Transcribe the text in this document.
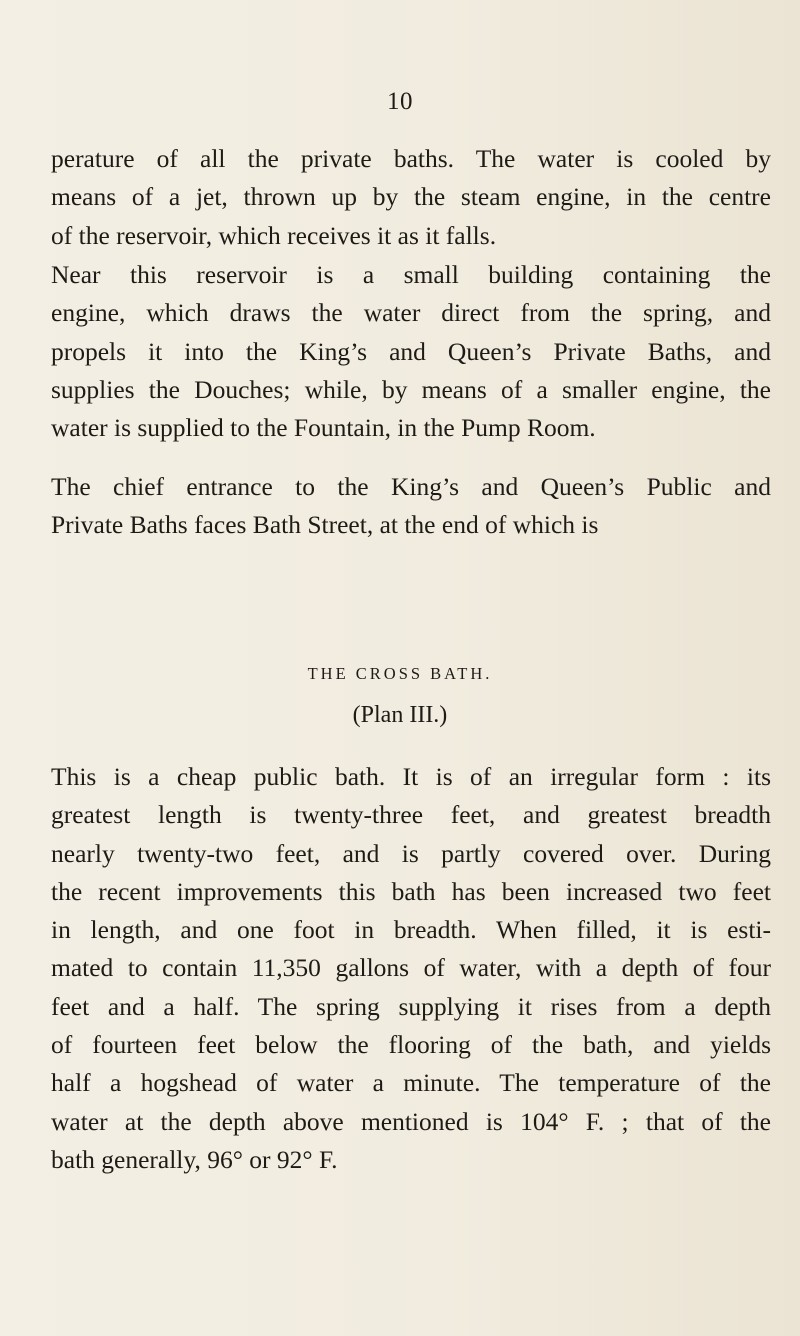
10
perature of all the private baths. The water is cooled by
means of a jet, thrown up by the steam engine, in the centre
of the reservoir, which receives it as it falls.
Near this reservoir is a small building containing the
engine, which draws the water direct from the spring, and
propels it into the King’s and Queen’s Private Baths, and
supplies the Douches; while, by means of a smaller engine, the
water is supplied to the Fountain, in the Pump Room.
The chief entrance to the King’s and Queen’s Public and
Private Baths faces Bath Street, at the end of which is
THE CROSS BATH.
(Plan III.)
This is a cheap public bath. It is of an irregular form : its
greatest length is twenty-three feet, and greatest breadth
nearly twenty-two feet, and is partly covered over. During
the recent improvements this bath has been increased two feet
in length, and one foot in breadth. When filled, it is esti-
mated to contain 11,350 gallons of water, with a depth of four
feet and a half. The spring supplying it rises from a depth
of fourteen feet below the flooring of the bath, and yields
half a hogshead of water a minute. The temperature of the
water at the depth above mentioned is 104° F. ; that of the
bath generally, 96° or 92° F.
